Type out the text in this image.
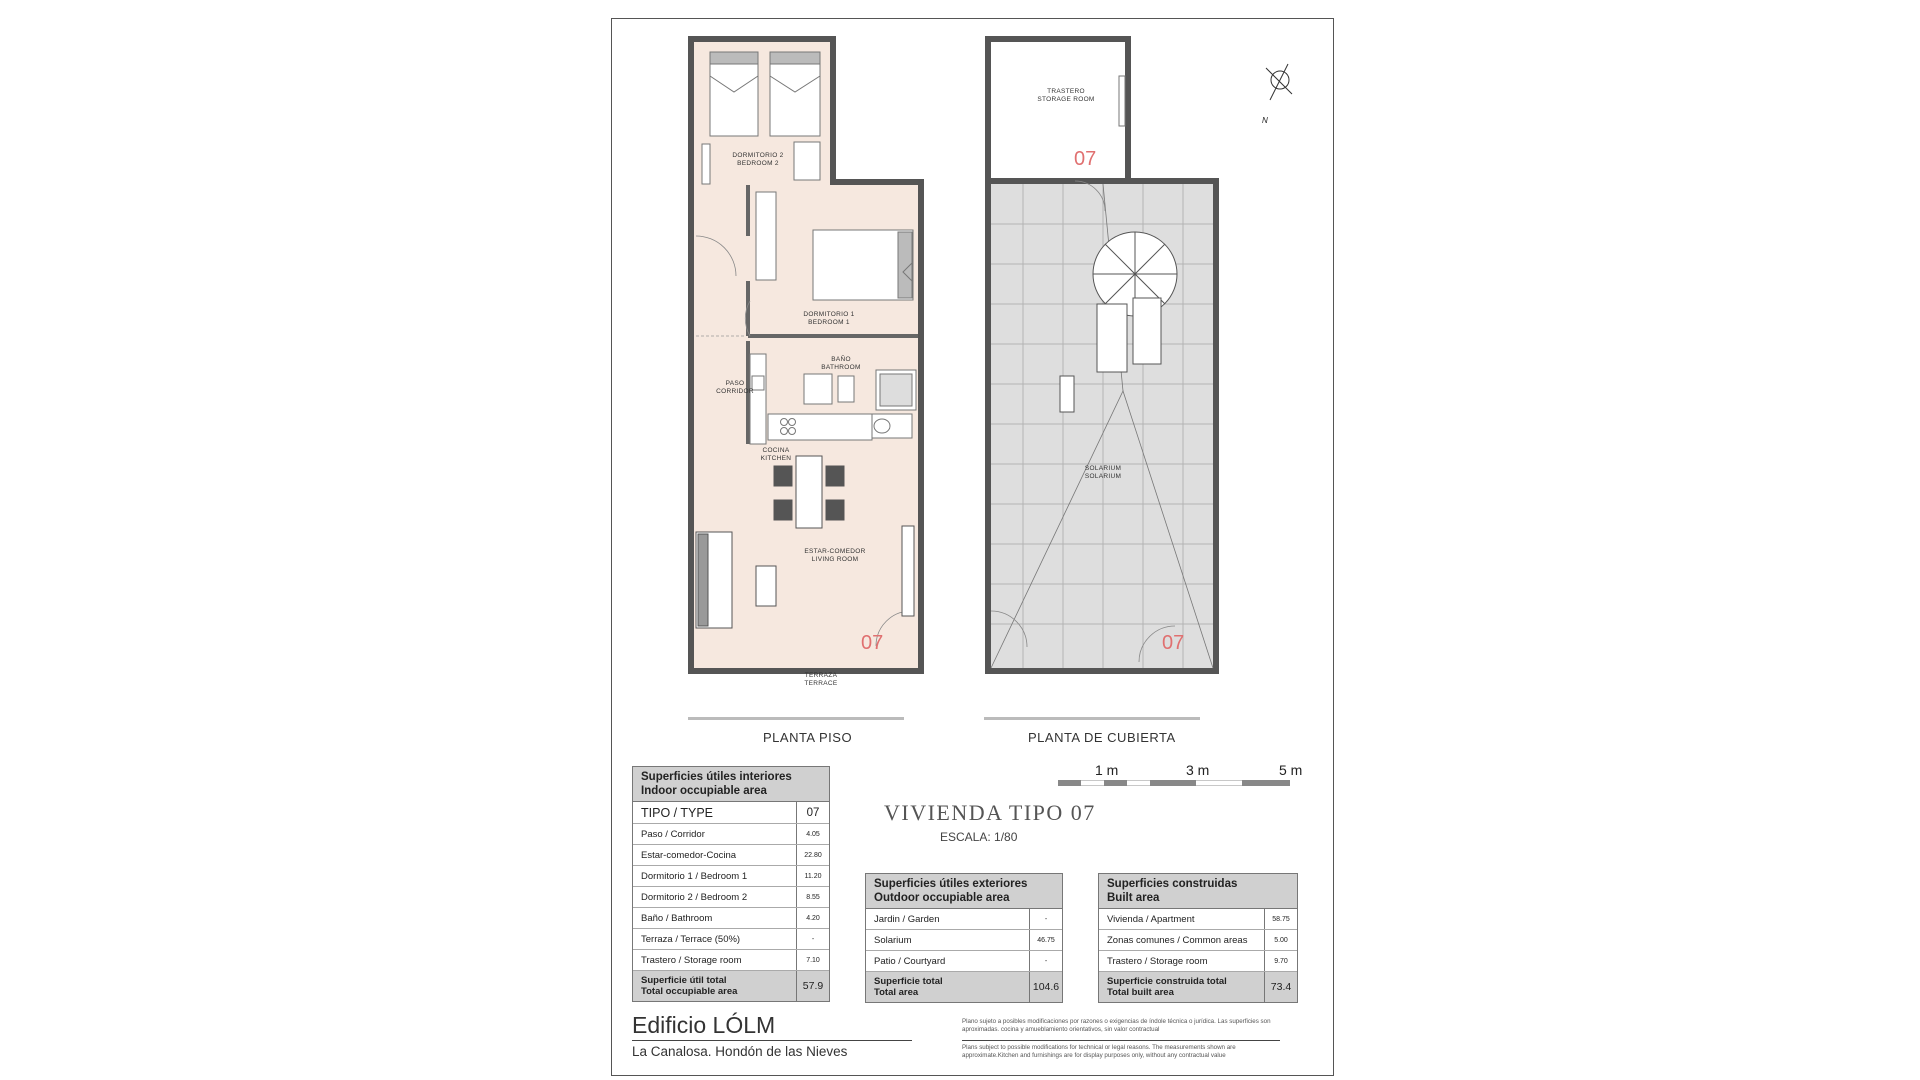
DORMITORIO 2
BEDROOM 2
DORMITORIO 1
BEDROOM 1
BAÑO
BATHROOM
PASO
CORRIDOR
COCINA
KITCHEN
ESTAR-COMEDOR
LIVING ROOM
TERRAZA
TERRACE
07
TRASTERO
STORAGE ROOM
SOLARIUM
SOLARIUM
07
07
N
PLANTA PISO	PLANTA DE CUBIERTA
1 m	3 m	5 m
VIVIENDA TIPO 07
ESCALA: 1/80
Superficies útiles interiores
Indoor occupiable area
TIPO / TYPE	07
Paso / Corridor	4.05
Estar-comedor-Cocina	22.80
Dormitorio 1 / Bedroom 1	11.20
Dormitorio 2 / Bedroom 2	8.55
Baño / Bathroom	4.20
Terraza / Terrace (50%)	-
Trastero / Storage room	7.10
Superficie útil total
Total occupiable area	57.9
Superficies útiles exteriores
Outdoor occupiable area
Jardin / Garden	-
Solarium	46.75
Patio / Courtyard	-
Superficie total
Total area	104.6
Superficies construidas
Built area
Vivienda / Apartment	58.75
Zonas comunes / Common areas	5.00
Trastero / Storage room	9.70
Superficie construida total
Total built area	73.4
Edificio LÓLM
La Canalosa. Hondón de las Nieves
Plano sujeto a posibles modificaciones por razones o exigencias de índole técnica o jurídica. Las superficies son aproximadas. cocina y amueblamiento orientativos, sin valor contractual
Plans subject to possible modifications for technical or legal reasons. The measurements shown are approximate.Kitchen and furnishings are for display purposes only, without any contractual value
